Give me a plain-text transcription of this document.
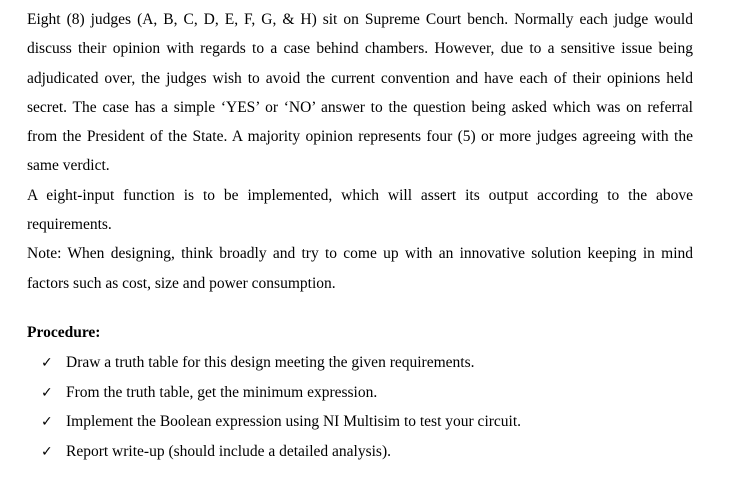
Eight (8) judges (A, B, C, D, E, F, G, & H) sit on Supreme Court bench. Normally each judge would discuss their opinion with regards to a case behind chambers. However, due to a sensitive issue being adjudicated over, the judges wish to avoid the current convention and have each of their opinions held secret. The case has a simple ‘YES’ or ‘NO’ answer to the question being asked which was on referral from the President of the State. A majority opinion represents four (5) or more judges agreeing with the same verdict.

A eight-input function is to be implemented, which will assert its output according to the above requirements.

Note: When designing, think broadly and try to come up with an innovative solution keeping in mind factors such as cost, size and power consumption.

Procedure:
✓ Draw a truth table for this design meeting the given requirements.
✓ From the truth table, get the minimum expression.
✓ Implement the Boolean expression using NI Multisim to test your circuit.
✓ Report write-up (should include a detailed analysis).
